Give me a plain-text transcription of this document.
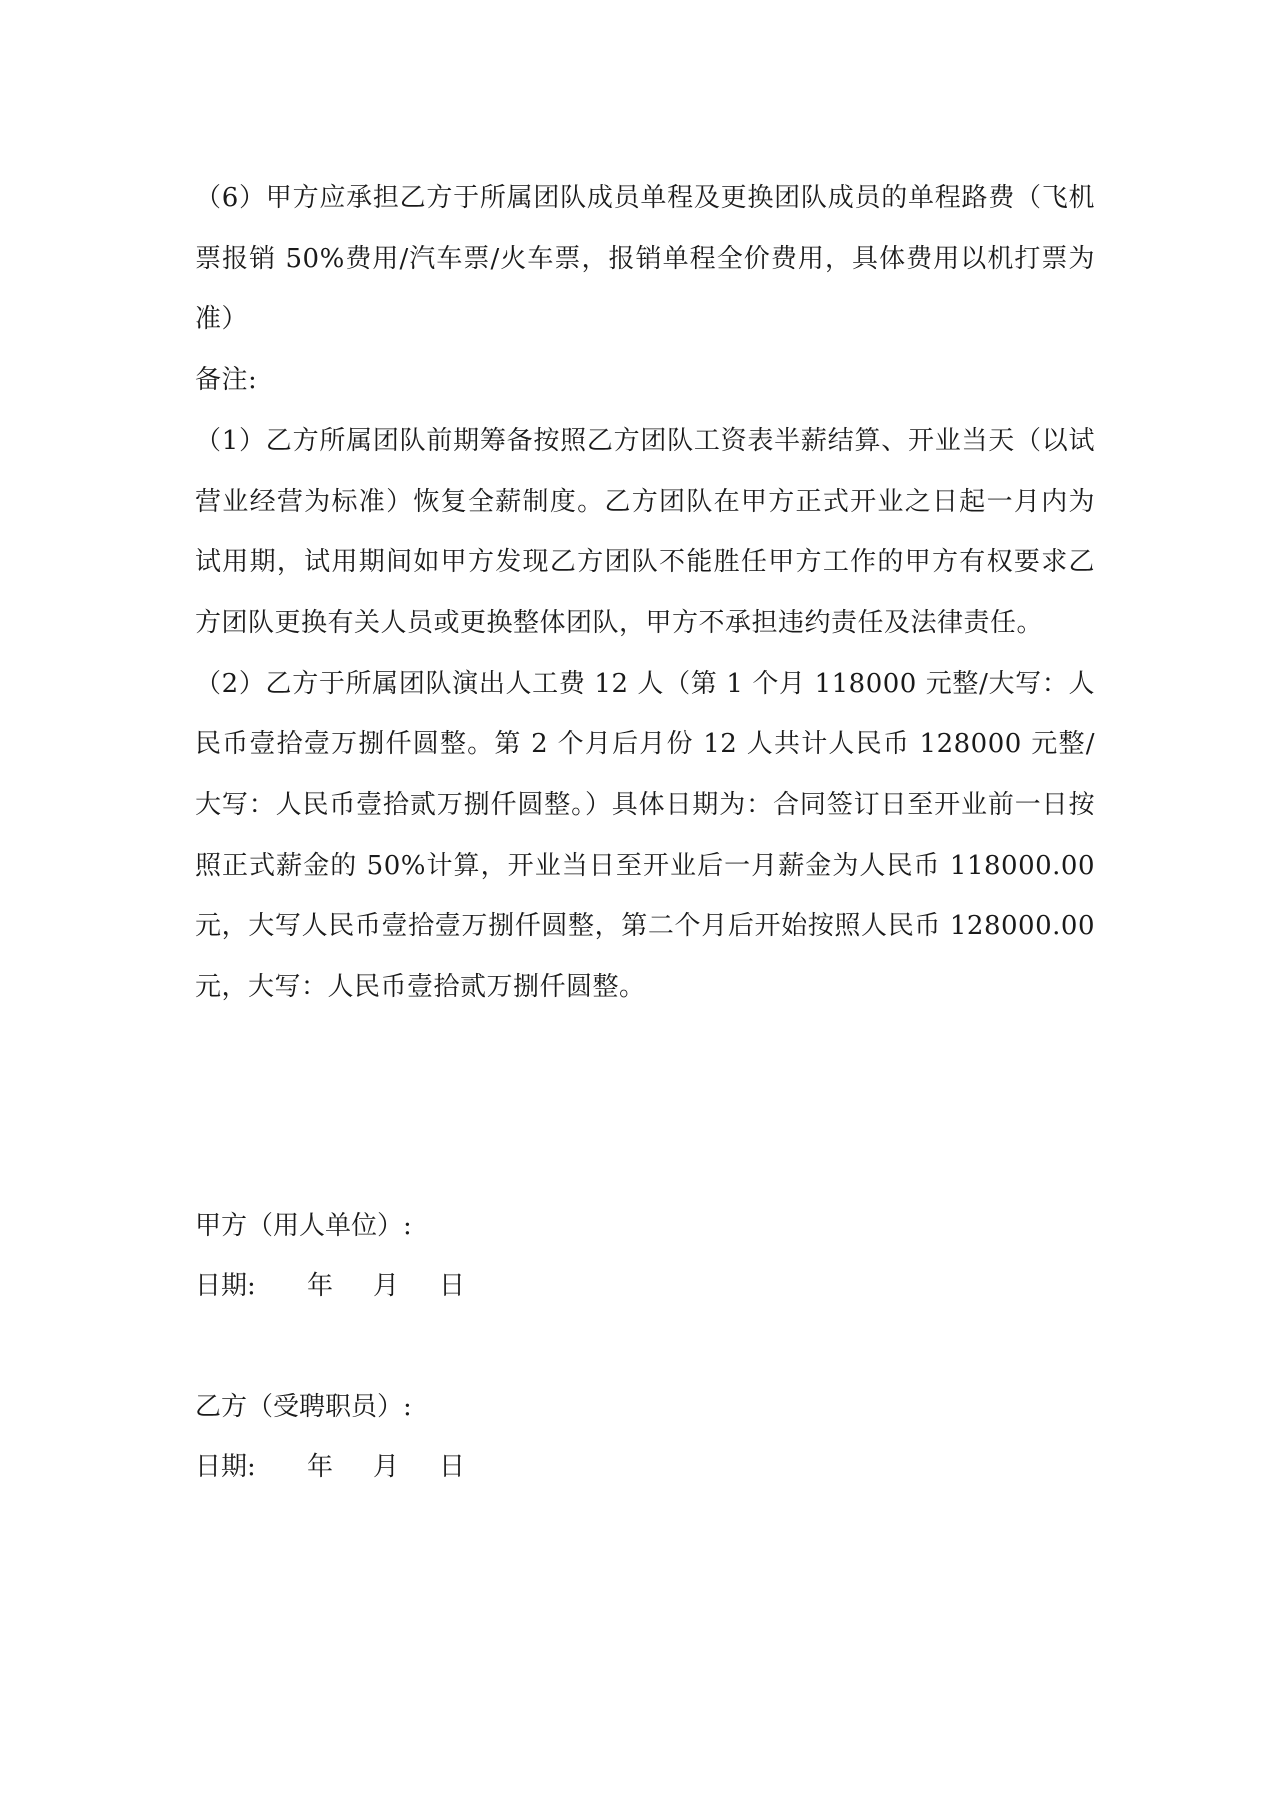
（6）甲方应承担乙方于所属团队成员单程及更换团队成员的单程路费（飞机票报销 50%费用/汽车票/火车票，报销单程全价费用，具体费用以机打票为准）

备注:

（1）乙方所属团队前期筹备按照乙方团队工资表半薪结算、开业当天（以试营业经营为标准）恢复全薪制度。乙方团队在甲方正式开业之日起一月内为试用期，试用期间如甲方发现乙方团队不能胜任甲方工作的甲方有权要求乙方团队更换有关人员或更换整体团队，甲方不承担违约责任及法律责任。

（2）乙方于所属团队演出人工费 12 人（第 1 个月 118000 元整/大写：人民币壹拾壹万捌仟圆整。第 2 个月后月份 12 人共计人民币 128000 元整/大写：人民币壹拾贰万捌仟圆整。）具体日期为：合同签订日至开业前一日按照正式薪金的 50%计算，开业当日至开业后一月薪金为人民币 118000.00 元，大写人民币壹拾壹万捌仟圆整，第二个月后开始按照人民币 128000.00 元，大写：人民币壹拾贰万捌仟圆整。

甲方（用人单位）:
日期: 年 月 日
乙方（受聘职员）:
日期: 年 月 日
